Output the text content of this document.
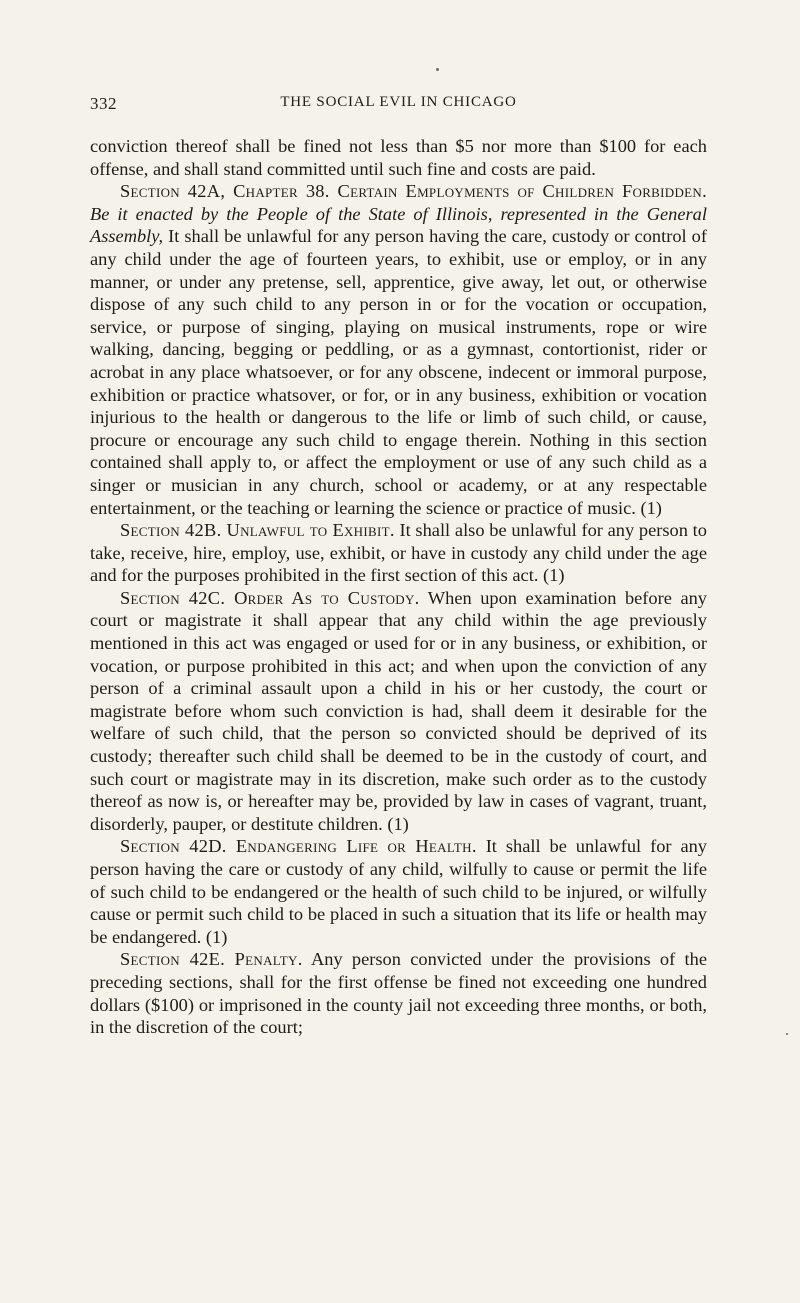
332	THE SOCIAL EVIL IN CHICAGO

conviction thereof shall be fined not less than $5 nor more than $100 for each offense, and shall stand committed until such fine and costs are paid.

Section 42A, Chapter 38. Certain Employments of Children Forbidden. Be it enacted by the People of the State of Illinois, represented in the General Assembly, It shall be unlawful for any person having the care, custody or control of any child under the age of fourteen years, to exhibit, use or employ, or in any manner, or under any pretense, sell, apprentice, give away, let out, or otherwise dispose of any such child to any person in or for the vocation or occupation, service, or purpose of singing, playing on musical instruments, rope or wire walking, dancing, begging or peddling, or as a gymnast, contortionist, rider or acrobat in any place whatsoever, or for any obscene, indecent or immoral purpose, exhibition or practice whatsover, or for, or in any business, exhibition or vocation injurious to the health or dangerous to the life or limb of such child, or cause, procure or encourage any such child to engage therein. Nothing in this section contained shall apply to, or affect the employment or use of any such child as a singer or musician in any church, school or academy, or at any respectable entertainment, or the teaching or learning the science or practice of music. (1)

Section 42B. Unlawful to Exhibit. It shall also be unlawful for any person to take, receive, hire, employ, use, exhibit, or have in custody any child under the age and for the purposes prohibited in the first section of this act. (1)

Section 42C. Order As to Custody. When upon examination before any court or magistrate it shall appear that any child within the age previously mentioned in this act was engaged or used for or in any business, or exhibition, or vocation, or purpose prohibited in this act; and when upon the conviction of any person of a criminal assault upon a child in his or her custody, the court or magistrate before whom such conviction is had, shall deem it desirable for the welfare of such child, that the person so convicted should be deprived of its custody; thereafter such child shall be deemed to be in the custody of court, and such court or magistrate may in its discretion, make such order as to the custody thereof as now is, or hereafter may be, provided by law in cases of vagrant, truant, disorderly, pauper, or destitute children. (1)

Section 42D. Endangering Life or Health. It shall be unlawful for any person having the care or custody of any child, wilfully to cause or permit the life of such child to be endangered or the health of such child to be injured, or wilfully cause or permit such child to be placed in such a situation that its life or health may be endangered. (1)

Section 42E. Penalty. Any person convicted under the provisions of the preceding sections, shall for the first offense be fined not exceeding one hundred dollars ($100) or imprisoned in the county jail not exceeding three months, or both, in the discretion of the court;
